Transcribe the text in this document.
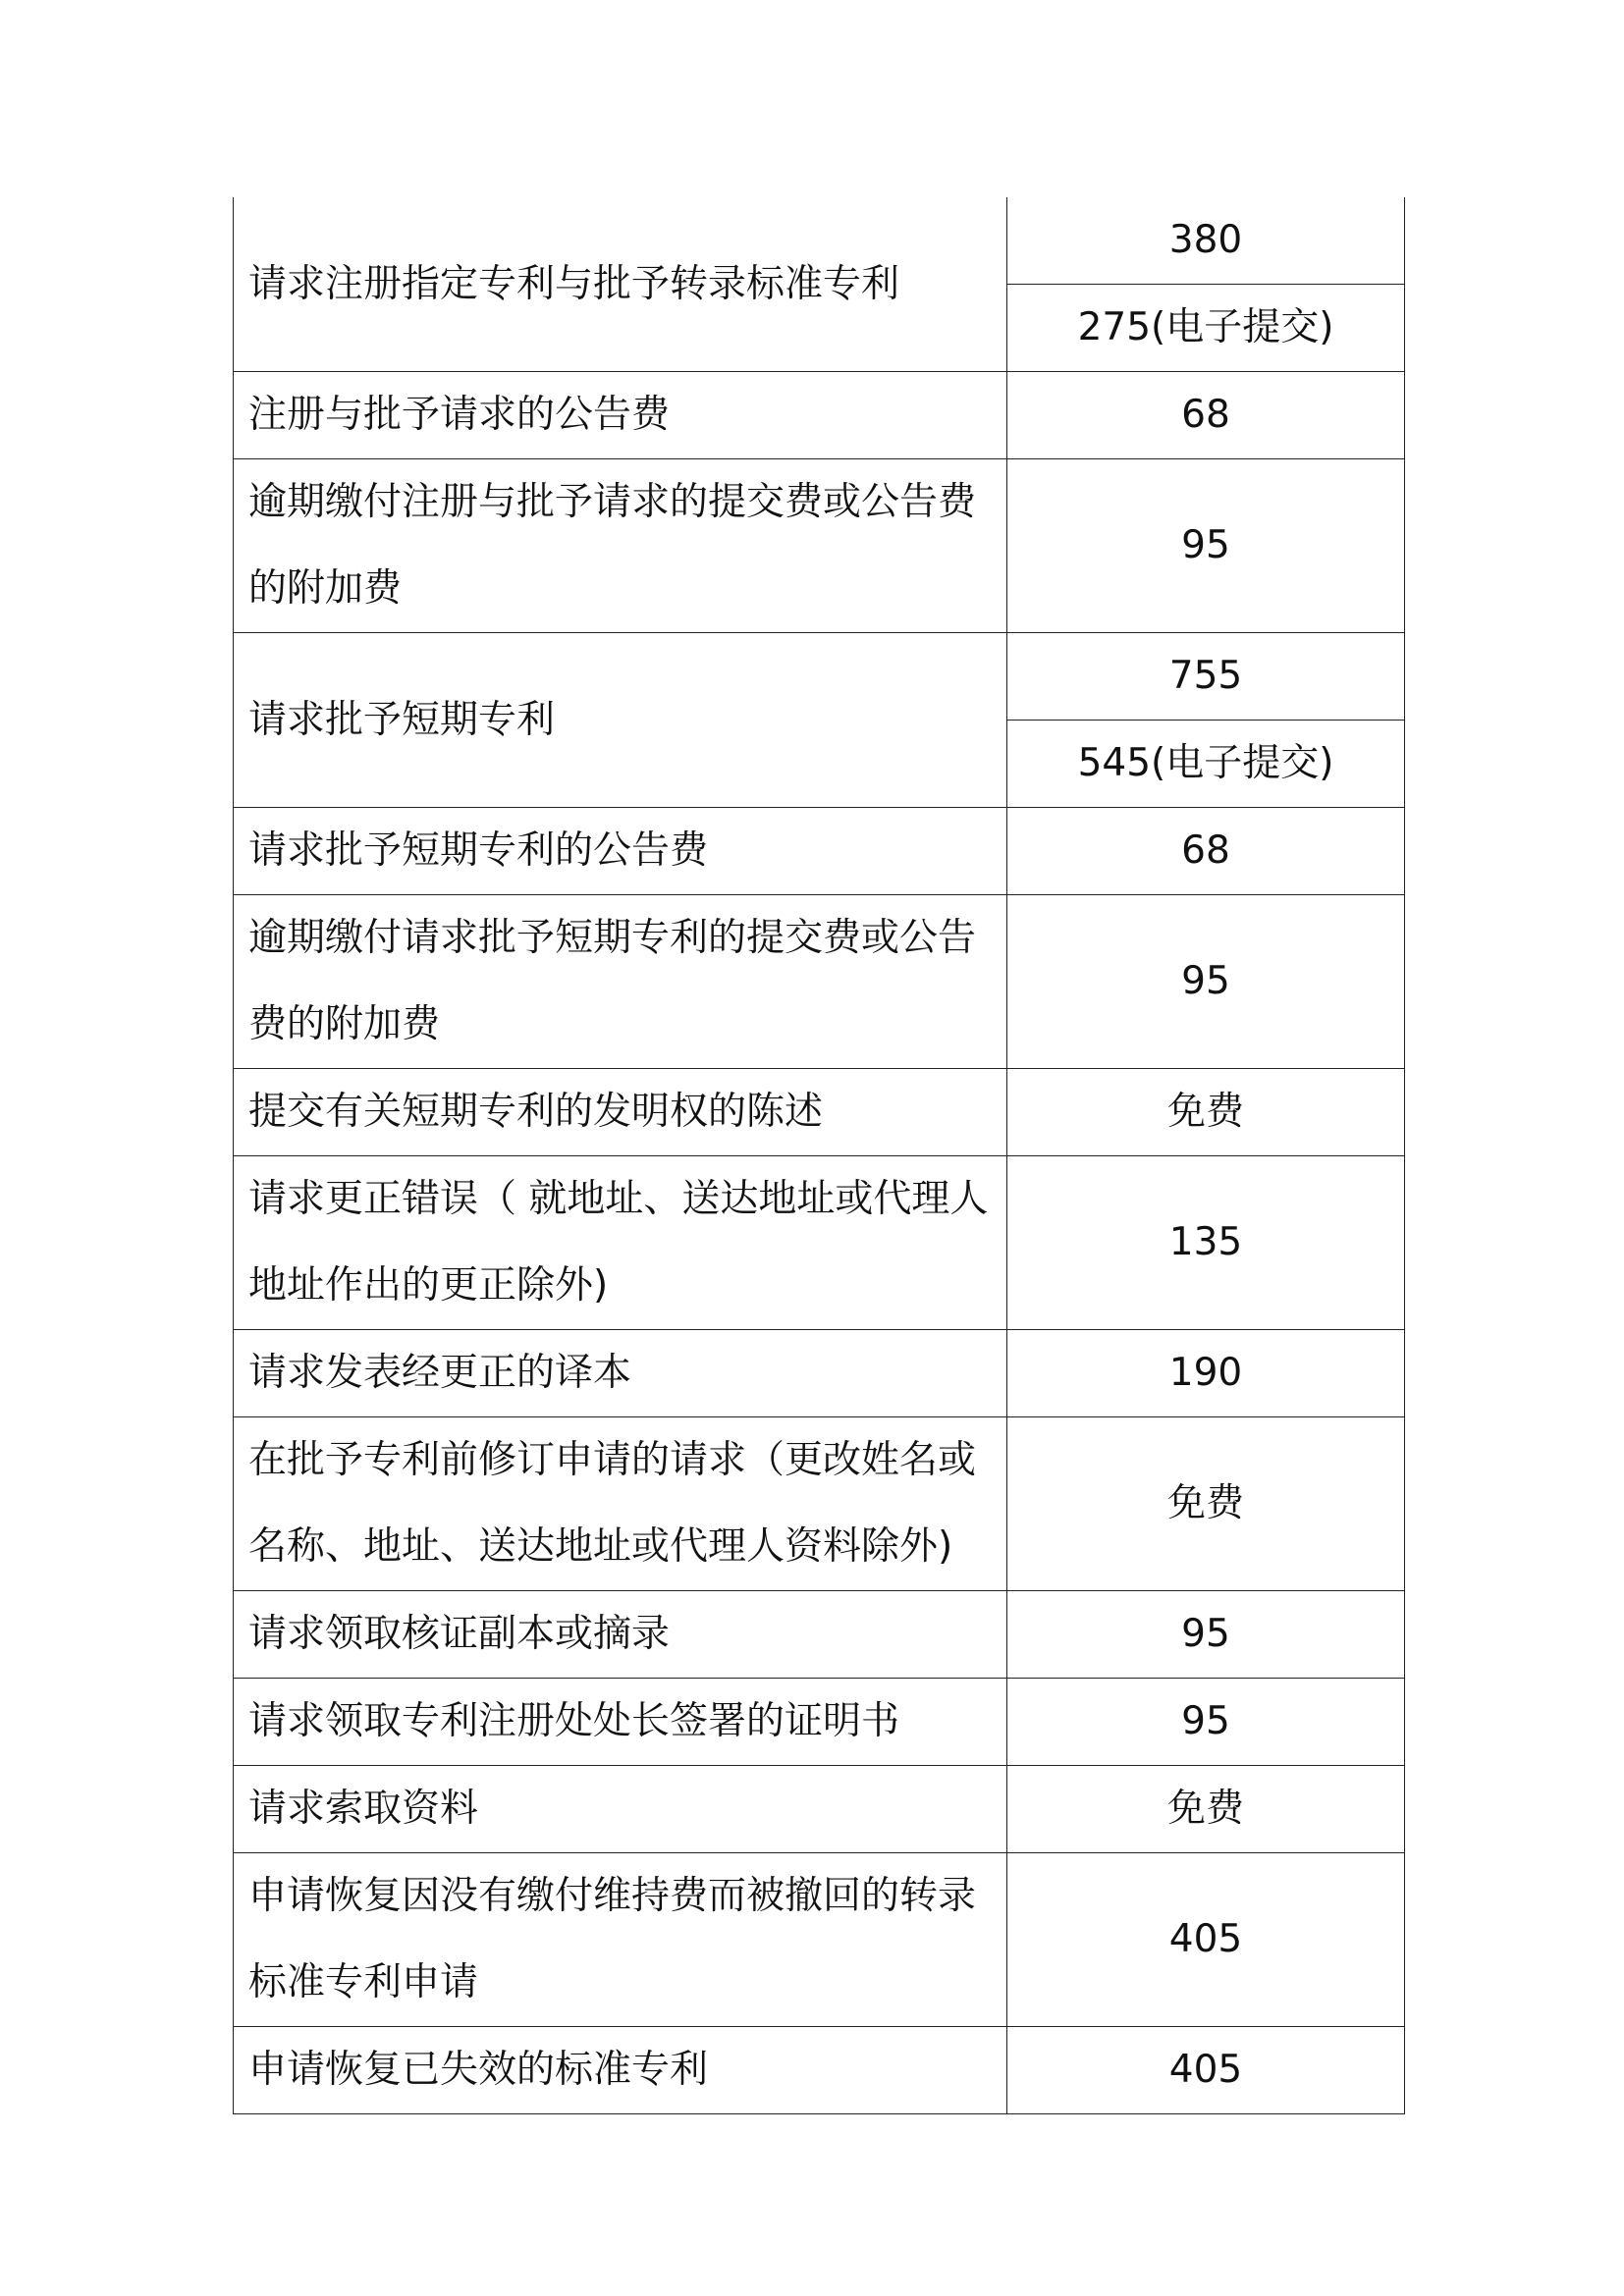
请求注册指定专利与批予转录标准专利	380
	275(电子提交)
注册与批予请求的公告费	68
逾期缴付注册与批予请求的提交费或公告费的附加费	95
请求批予短期专利	755
	545(电子提交)
请求批予短期专利的公告费	68
逾期缴付请求批予短期专利的提交费或公告费的附加费	95
提交有关短期专利的发明权的陈述	免费
请求更正错误（ 就地址、送达地址或代理人地址作出的更正除外)	135
请求发表经更正的译本	190
在批予专利前修订申请的请求（更改姓名或名称、地址、送达地址或代理人资料除外)	免费
请求领取核证副本或摘录	95
请求领取专利注册处处长签署的证明书	95
请求索取资料	免费
申请恢复因没有缴付维持费而被撤回的转录标准专利申请	405
申请恢复已失效的标准专利	405
